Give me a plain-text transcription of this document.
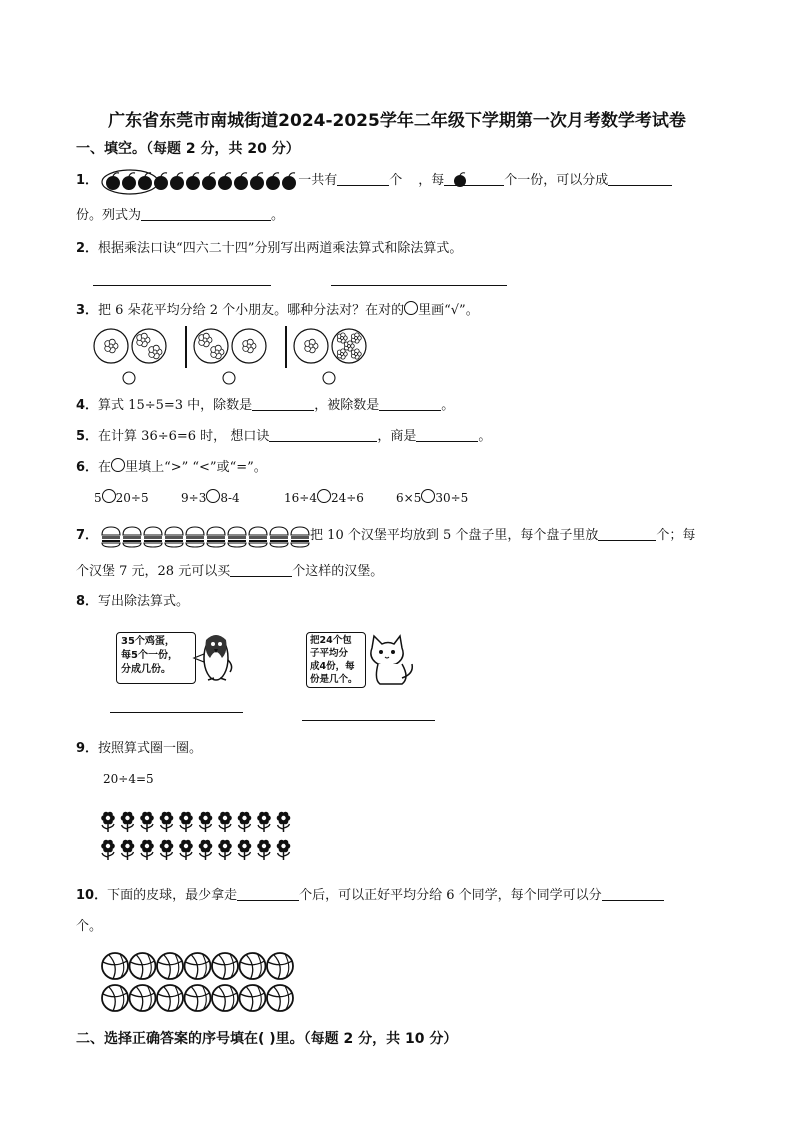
广东省东莞市南城街道2024-2025学年二年级下学期第一次月考数学考试卷
一、填空。（每题 2 分，共 20 分）
1．	一共有	个 ，每	个一份，可以分成
份。列式为	。
2．根据乘法口诀“四六二十四”分别写出两道乘法算式和除法算式。
3．把 6 朵花平均分给 2 个小朋友。哪种分法对？在对的 里画“√”。
4．算式 15÷5=3 中，除数是	，被除数是	。
5．在计算 36÷6=6 时， 想口诀	，商是	。
6．在 里填上“>” “<”或“=”。
5 20÷5	9÷3 8-4	16÷4 24÷6	6×5 30÷5
7．	把 10 个汉堡平均放到 5 个盘子里，每个盘子里放	个；每
个汉堡 7 元，28 元可以买	个这样的汉堡。
8．写出除法算式。
35个鸡蛋，
每5个一份，
分成几份。
把24个包
子平均分
成4份，每
份是几个。
9．按照算式圈一圈。
20÷4=5
10．下面的皮球，最少拿走	个后，可以正好平均分给 6 个同学，每个同学可以分
个。
二、选择正确答案的序号填在( )里。（每题 2 分，共 10 分）
